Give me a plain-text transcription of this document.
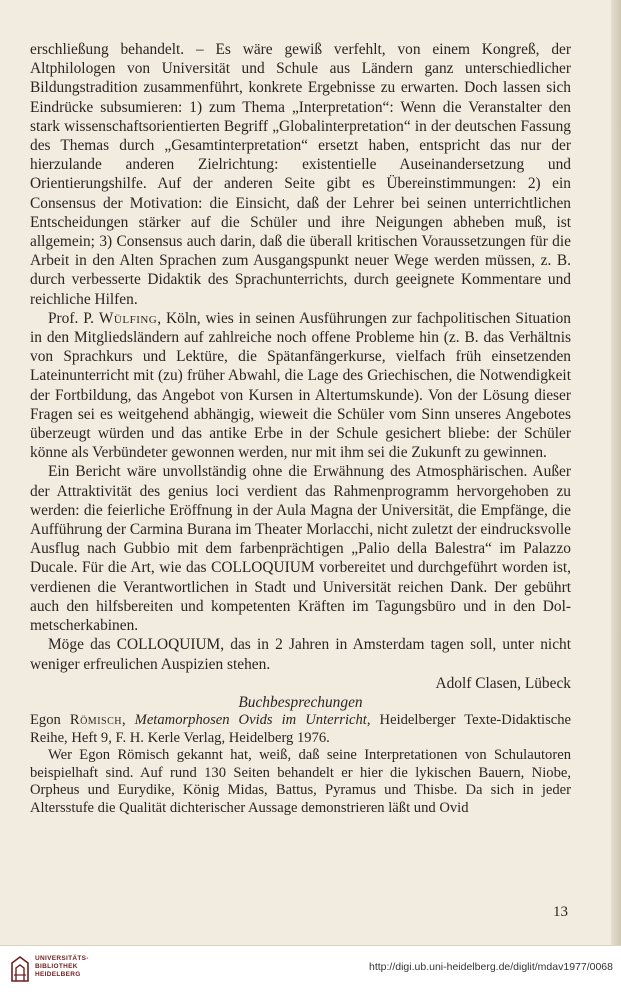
erschließung behandelt. – Es wäre gewiß verfehlt, von einem Kongreß, der Altphilologen von Universität und Schule aus Ländern ganz unterschiedlicher Bildungstradition zusammenführt, konkrete Ergebnisse zu erwarten. Doch lassen sich Eindrücke subsumieren: 1) zum Thema „Interpretation“: Wenn die Veranstalter den stark wissenschaftsorientierten Begriff „Globalinterpretation“ in der deutschen Fassung des Themas durch „Gesamtinterpretation“ ersetzt haben, entspricht das nur der hierzulande anderen Zielrichtung: existentielle Auseinandersetzung und Orientierungshilfe. Auf der anderen Seite gibt es Übereinstimmungen: 2) ein Consensus der Motivation: die Einsicht, daß der Lehrer bei seinen unterrichtlichen Entscheidungen stärker auf die Schüler und ihre Neigungen abheben muß, ist allgemein; 3) Consensus auch darin, daß die überall kritischen Voraussetzungen für die Arbeit in den Alten Sprachen zum Ausgangspunkt neuer Wege werden müssen, z. B. durch verbesserte Didaktik des Sprachunterrichts, durch geeignete Kommentare und reichliche Hilfen.

Prof. P. Wülfing, Köln, wies in seinen Ausführungen zur fachpolitischen Situation in den Mitgliedsländern auf zahlreiche noch offene Probleme hin (z. B. das Verhältnis von Sprachkurs und Lektüre, die Spätanfängerkurse, vielfach früh einsetzenden Lateinunterricht mit (zu) früher Abwahl, die Lage des Griechischen, die Notwendigkeit der Fortbildung, das Angebot von Kursen in Altertumskunde). Von der Lösung dieser Fragen sei es weitgehend abhängig, wieweit die Schüler vom Sinn unseres Angebotes überzeugt würden und das antike Erbe in der Schule gesichert bliebe: der Schüler könne als Verbündeter gewonnen werden, nur mit ihm sei die Zukunft zu gewinnen.

Ein Bericht wäre unvollständig ohne die Erwähnung des Atmosphärischen. Außer der Attraktivität des genius loci verdient das Rahmenprogramm hervorgehoben zu werden: die feierliche Eröffnung in der Aula Magna der Universität, die Empfänge, die Aufführung der Carmina Burana im Theater Morlacchi, nicht zuletzt der eindrucksvolle Ausflug nach Gubbio mit dem farbenprächtigen „Palio della Balestra“ im Palazzo Ducale. Für die Art, wie das COLLOQUIUM vorbereitet und durchgeführt worden ist, verdienen die Verantwortlichen in Stadt und Universität reichen Dank. Der gebührt auch den hilfsbereiten und kompetenten Kräften im Tagungsbüro und in den Dolmetscherkabinen.

Möge das COLLOQUIUM, das in 2 Jahren in Amsterdam tagen soll, unter nicht weniger erfreulichen Auspizien stehen.

Adolf Clasen, Lübeck

Buchbesprechungen

Egon Römisch, Metamorphosen Ovids im Unterricht, Heidelberger Texte-Didaktische Reihe, Heft 9, F. H. Kerle Verlag, Heidelberg 1976.

Wer Egon Römisch gekannt hat, weiß, daß seine Interpretationen von Schulautoren beispielhaft sind. Auf rund 130 Seiten behandelt er hier die lykischen Bauern, Niobe, Orpheus und Eurydike, König Midas, Battus, Pyramus und Thisbe. Da sich in jeder Altersstufe die Qualität dichterischer Aussage demonstrieren läßt und Ovid

13
UNIVERSITÄTS-
BIBLIOTHEK
HEIDELBERG
http://digi.ub.uni-heidelberg.de/diglit/mdav1977/0068
